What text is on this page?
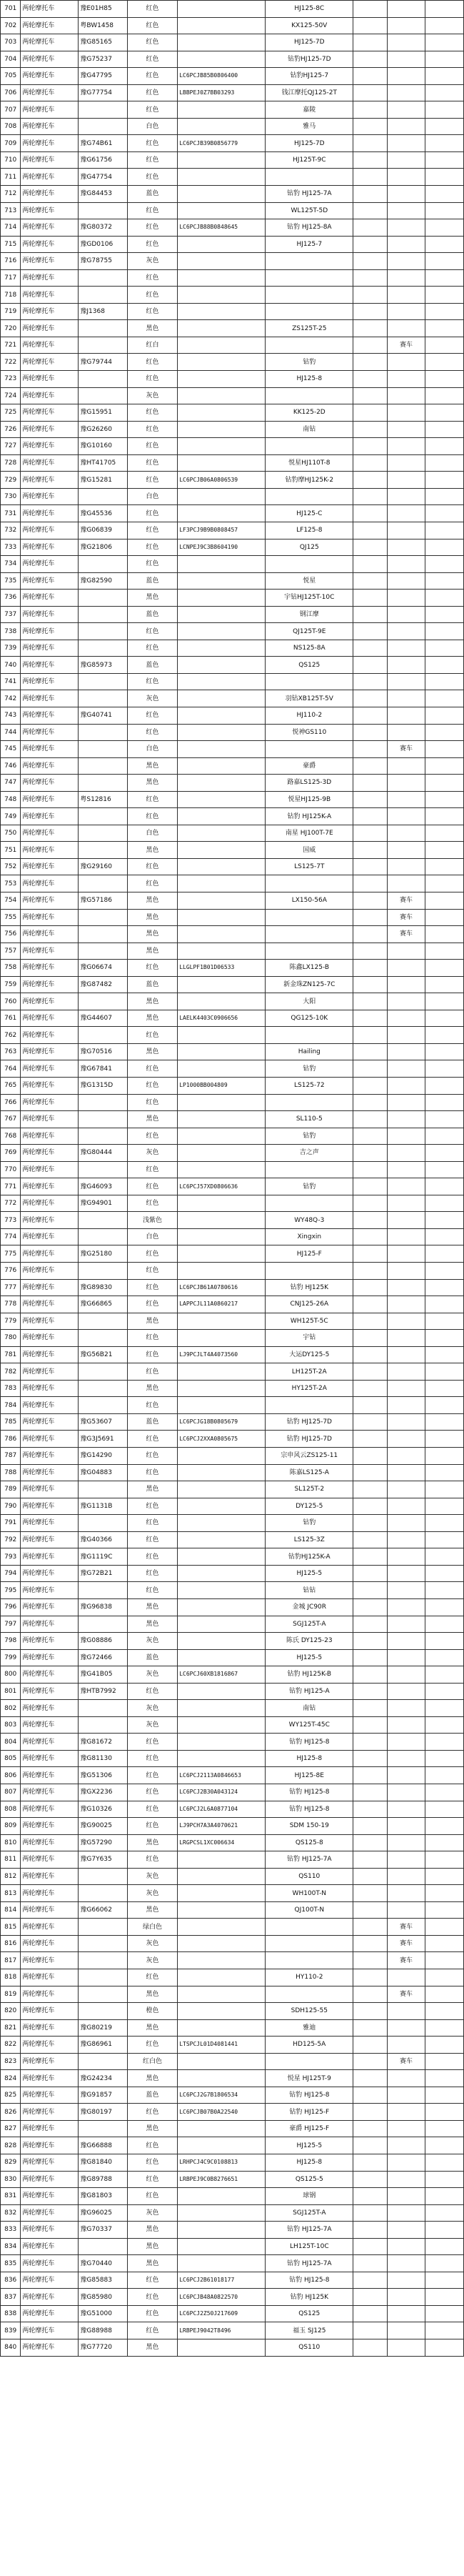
701	两轮摩托车	豫E01H85	红色		HJ125-8C			
702	两轮摩托车	粤BW1458	红色		KX125-50V			
703	两轮摩托车	豫G85165	红色		HJ125-7D			
704	两轮摩托车	豫G75237	红色		钻豹HJ125-7D			
705	两轮摩托车	豫G47795	红色	LC6PCJB85B0806400	钻豹HJ125-7			
706	两轮摩托车	豫G77754	红色	LBBPEJ0Z7BB03293	钱江摩托QJ125-2T			
707	两轮摩托车		红色		嘉陵			
708	两轮摩托车		白色		雅马			
709	两轮摩托车	豫G74B61	红色	LC6PCJB39B0856779	HJ125-7D			
710	两轮摩托车	豫G61756	红色		HJ125T-9C			
711	两轮摩托车	豫G47754	红色					
712	两轮摩托车	豫G84453	蓝色		钻豹 HJ125-7A			
713	两轮摩托车		红色		WL125T-5D			
714	两轮摩托车	豫G80372	红色	LC6PCJB88B0848645	钻豹 HJ125-8A			
715	两轮摩托车	豫GD0106	红色		HJ125-7			
716	两轮摩托车	豫G78755	灰色					
717	两轮摩托车		红色					
718	两轮摩托车		红色					
719	两轮摩托车	豫J1368	红色					
720	两轮摩托车		黑色		ZS125T-25			
721	两轮摩托车		红白				赛车	
722	两轮摩托车	豫G79744	红色		钻豹			
723	两轮摩托车		红色		HJ125-8			
724	两轮摩托车		灰色					
725	两轮摩托车	豫G15951	红色		KK125-2D			
726	两轮摩托车	豫G26260	红色		南钻			
727	两轮摩托车	豫G10160	红色					
728	两轮摩托车	豫HT41705	红色		悦星HJ110T-8			
729	两轮摩托车	豫G15281	红色	LC6PCJB06A0806539	钻豹摩HJ125K-2			
730	两轮摩托车		白色					
731	两轮摩托车	豫G45536	红色		HJ125-C			
732	两轮摩托车	豫G06839	红色	LF3PCJ9B9B0808457	LF125-8			
733	两轮摩托车	豫G21806	红色	LCNPEJ9C3B8604190	QJ125			
734	两轮摩托车		红色					
735	两轮摩托车	豫G82590	蓝色		悦星			
736	两轮摩托车		黑色		宇钻HJ125T-10C			
737	两轮摩托车		蓝色		钢江摩			
738	两轮摩托车		红色		QJ125T-9E			
739	两轮摩托车		红色		NS125-8A			
740	两轮摩托车	豫G85973	蓝色		QS125			
741	两轮摩托车		红色					
742	两轮摩托车		灰色		羽钻XB125T-5V			
743	两轮摩托车	豫G40741	红色		HJ110-2			
744	两轮摩托车		红色		悦神GS110			
745	两轮摩托车		白色				赛车	
746	两轮摩托车		黑色		豪爵			
747	两轮摩托车		黑色		路嘉LS125-3D			
748	两轮摩托车	粤S12816	红色		悦星HJ125-9B			
749	两轮摩托车		红色		钻豹 HJ125K-A			
750	两轮摩托车		白色		南星 HJ100T-7E			
751	两轮摩托车		黑色		国威			
752	两轮摩托车	豫G29160	红色		LS125-7T			
753	两轮摩托车		红色					
754	两轮摩托车	豫G57186	黑色		LX150-56A		赛车	
755	两轮摩托车		黑色				赛车	
756	两轮摩托车		黑色				赛车	
757	两轮摩托车		黑色					
758	两轮摩托车	豫G06674	红色	LLGLPF1B01D06533	陈鑫LX125-B			
759	两轮摩托车	豫G87482	蓝色		新金珠ZN125-7C			
760	两轮摩托车		黑色		大阳			
761	两轮摩托车	豫G44607	黑色	LAELK4403C0906656	QG125-10K			
762	两轮摩托车		红色					
763	两轮摩托车	豫G70516	黑色		Hailing			
764	两轮摩托车	豫G67841	红色		钻豹			
765	两轮摩托车	豫G1315D	红色	LP1000BB004809	LS125-72			
766	两轮摩托车		红色					
767	两轮摩托车		黑色		SL110-5			
768	两轮摩托车		红色		钻豹			
769	两轮摩托车	豫G80444	灰色		吉之声			
770	两轮摩托车		红色					
771	两轮摩托车	豫G46093	红色	LC6PCJ57XD0806636	钻豹			
772	两轮摩托车	豫G94901	红色					
773	两轮摩托车		浅紫色		WY48Q-3			
774	两轮摩托车		白色		Xingxin			
775	两轮摩托车	豫G25180	红色		HJ125-F			
776	两轮摩托车		红色					
777	两轮摩托车	豫G89830	红色	LC6PCJB61A0780616	钻豹 HJ125K			
778	两轮摩托车	豫G66865	红色	LAPPCJL11A0860217	CNJ125-26A			
779	两轮摩托车		黑色		WH125T-5C			
780	两轮摩托车		红色		宇钻			
781	两轮摩托车	豫G56B21	红色	LJ9PCJLT4A4073560	大运DY125-5			
782	两轮摩托车		红色		LH125T-2A			
783	两轮摩托车		黑色		HY125T-2A			
784	两轮摩托车		红色					
785	两轮摩托车	豫G53607	蓝色	LC6PCJG18B0805679	钻豹 HJ125-7D			
786	两轮摩托车	豫G3J5691	红色	LC6PCJ2XXA0805675	钻豹 HJ125-7D			
787	两轮摩托车	豫G14290	红色		宗申风云ZS125-11			
788	两轮摩托车	豫G04883	红色		陈嘉LS125-A			
789	两轮摩托车		黑色		SL125T-2			
790	两轮摩托车	豫G1131B	红色		DY125-5			
791	两轮摩托车		红色		钻豹			
792	两轮摩托车	豫G40366	红色		LS125-3Z			
793	两轮摩托车	豫G1119C	红色		钻豹HJ125K-A			
794	两轮摩托车	豫G72B21	红色		HJ125-5			
795	两轮摩托车		红色		钻钻			
796	两轮摩托车	豫G96838	黑色		金城 JC90R			
797	两轮摩托车		黑色		SGJ125T-A			
798	两轮摩托车	豫G08886	灰色		陈氏 DY125-23			
799	两轮摩托车	豫G72466	蓝色		HJ125-5			
800	两轮摩托车	豫G41B05	灰色	LC6PCJ60XB1816867	钻豹 HJ125K-B			
801	两轮摩托车	豫HTB7992	红色		钻豹 HJ125-A			
802	两轮摩托车		灰色		南钻			
803	两轮摩托车		灰色		WY125T-45C			
804	两轮摩托车	豫G81672	红色		钻豹 HJ125-8			
805	两轮摩托车	豫G81130	红色		HJ125-8			
806	两轮摩托车	豫G51306	红色	LC6PCJ2113A0846653	HJ125-8E			
807	两轮摩托车	豫GX2236	红色	LC6PCJ2B30A043124	钻豹 HJ125-8			
808	两轮摩托车	豫G10326	红色	LC6PCJ2L6A0877104	钻豹 HJ125-8			
809	两轮摩托车	豫G90025	红色	LJ9PCH7A3A4070621	SDM 150-19			
810	两轮摩托车	豫G57290	黑色	LRGPCSL1XC006634	QS125-8			
811	两轮摩托车	豫G7Y635	红色		钻豹 HJ125-7A			
812	两轮摩托车		灰色		QS110			
813	两轮摩托车		灰色		WH100T-N			
814	两轮摩托车	豫G66062	黑色		QJ100T-N			
815	两轮摩托车		绿白色				赛车	
816	两轮摩托车		灰色				赛车	
817	两轮摩托车		灰色				赛车	
818	两轮摩托车		红色		HY110-2			
819	两轮摩托车		黑色				赛车	
820	两轮摩托车		橙色		SDH125-55			
821	两轮摩托车	豫G80219	黑色		雅迪			
822	两轮摩托车	豫G86961	红色	LTSPCJL01D4081441	HD125-5A			
823	两轮摩托车		红白色				赛车	
824	两轮摩托车	豫G24234	黑色		悦星 HJ125T-9			
825	两轮摩托车	豫G91857	蓝色	LC6PCJ2G7B1806534	钻豹 HJ125-8			
826	两轮摩托车	豫G80197	红色	LC6PCJB07B0A22540	钻豹 HJ125-F			
827	两轮摩托车		黑色		豪爵 HJ125-F			
828	两轮摩托车	豫G66888	红色		HJ125-5			
829	两轮摩托车	豫G81840	红色	LRHPCJ4C9C0108813	HJ125-8			
830	两轮摩托车	豫G89788	红色	LRBPEJ9C0B8276651	QS125-5			
831	两轮摩托车	豫G81803	红色		球钢			
832	两轮摩托车	豫G96025	灰色		SGJ125T-A			
833	两轮摩托车	豫G70337	黑色		钻豹 HJ125-7A			
834	两轮摩托车		黑色		LH125T-10C			
835	两轮摩托车	豫G70440	黑色		钻豹 HJ125-7A			
836	两轮摩托车	豫G85883	红色	LC6PCJ2B61018177	钻豹 HJ125-8			
837	两轮摩托车	豫G85980	红色	LC6PCJB48A0822570	钻豹 HJ125K			
838	两轮摩托车	豫G51000	红色	LC6PCJ2Z50J217609	QS125			
839	两轮摩托车	豫G88988	红色	LRBPEJ9042T8496	福玉 SJ125			
840	两轮摩托车	豫G77720	黑色		QS110			
